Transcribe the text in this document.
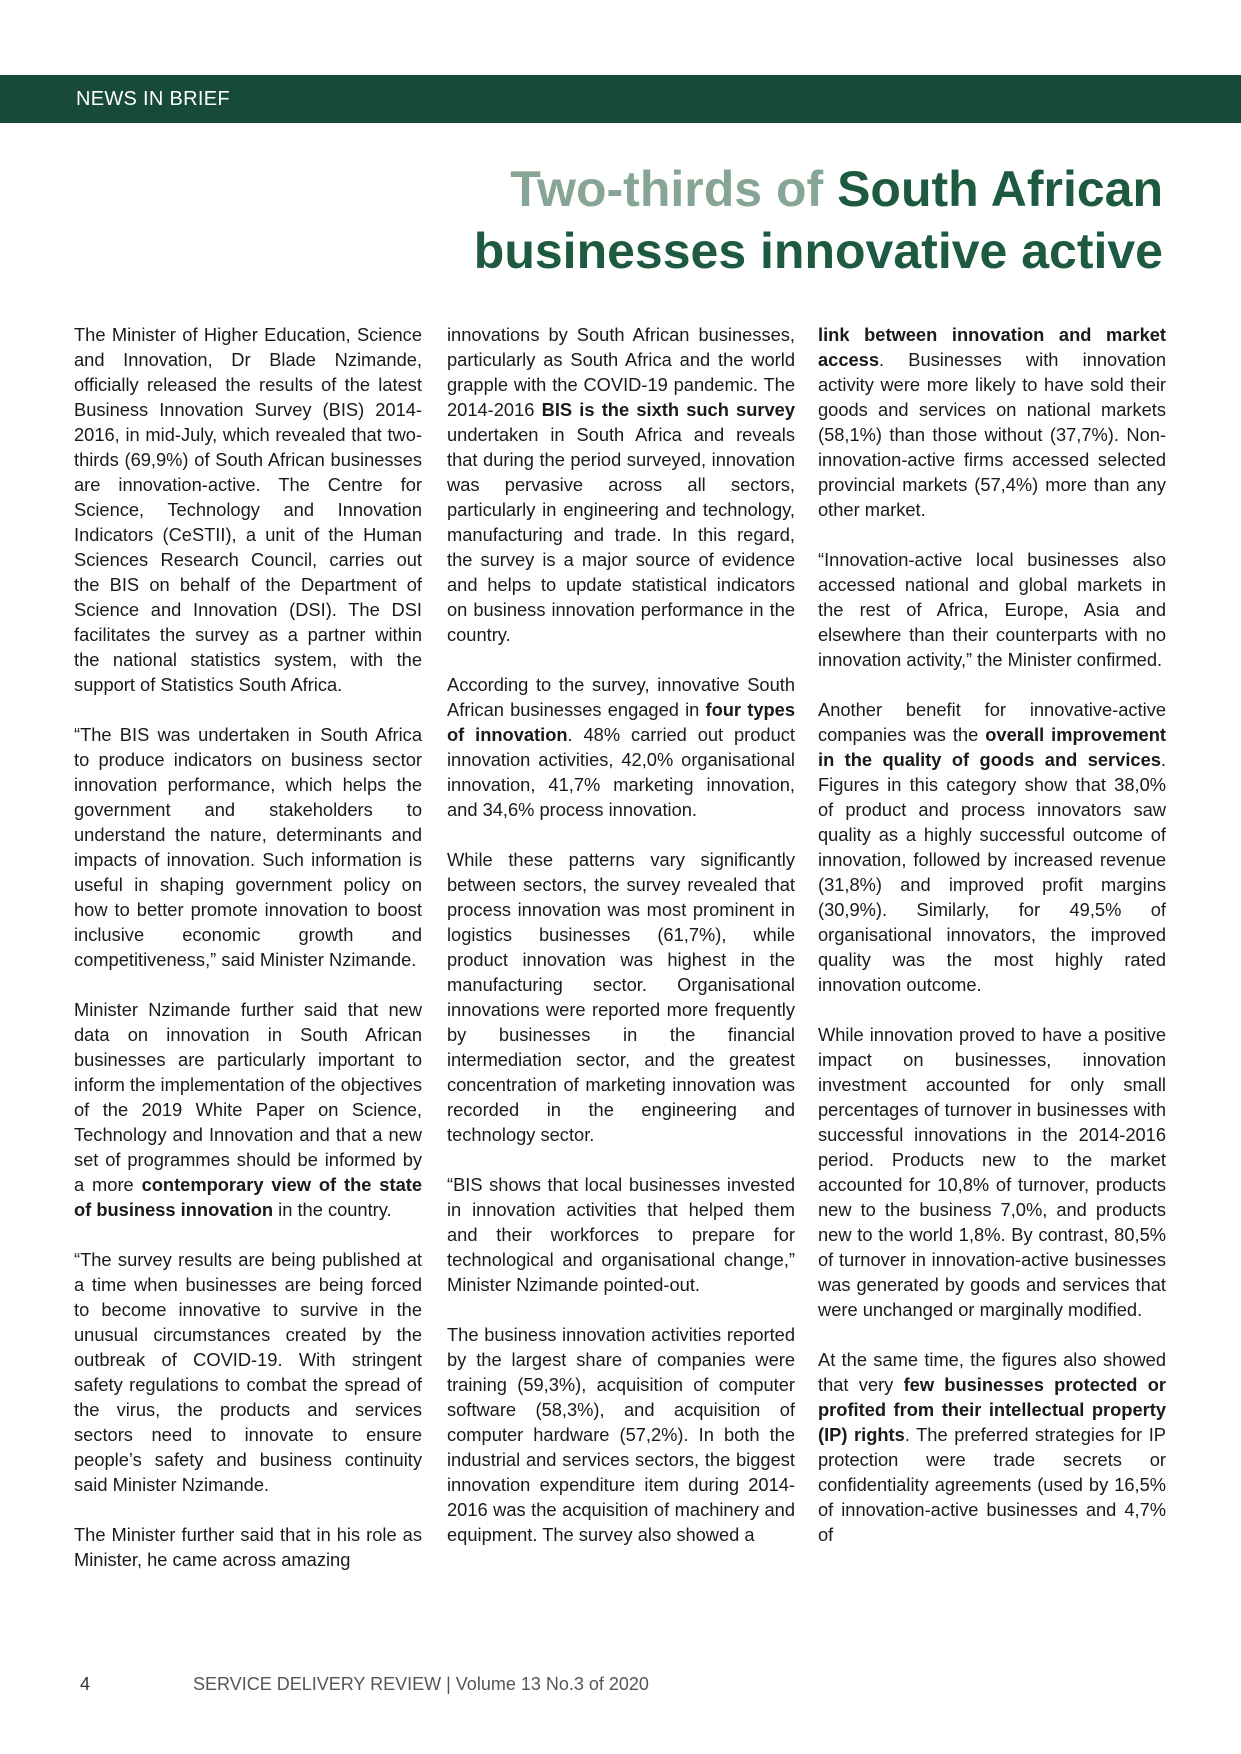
NEWS IN BRIEF
Two-thirds of South African
businesses innovative active

The Minister of Higher Education, Science and Innovation, Dr Blade Nzimande, officially released the results of the latest Business Innovation Survey (BIS) 2014-2016, in mid-July, which revealed that two-thirds (69,9%) of South African businesses are innovation-active. The Centre for Science, Technology and Innovation Indicators (CeSTII), a unit of the Human Sciences Research Council, carries out the BIS on behalf of the Department of Science and Innovation (DSI). The DSI facilitates the survey as a partner within the national statistics system, with the support of Statistics South Africa.

“The BIS was undertaken in South Africa to produce indicators on business sector innovation performance, which helps the government and stakeholders to understand the nature, determinants and impacts of innovation. Such information is useful in shaping government policy on how to better promote innovation to boost inclusive economic growth and competitiveness,” said Minister Nzimande.

Minister Nzimande further said that new data on innovation in South African businesses are particularly important to inform the implementation of the objectives of the 2019 White Paper on Science, Technology and Innovation and that a new set of programmes should be informed by a more contemporary view of the state of business innovation in the country.

“The survey results are being published at a time when businesses are being forced to become innovative to survive in the unusual circumstances created by the outbreak of COVID-19. With stringent safety regulations to combat the spread of the virus, the products and services sectors need to innovate to ensure people’s safety and business continuity said Minister Nzimande.

The Minister further said that in his role as Minister, he came across amazing

innovations by South African businesses, particularly as South Africa and the world grapple with the COVID-19 pandemic. The 2014-2016 BIS is the sixth such survey undertaken in South Africa and reveals that during the period surveyed, innovation was pervasive across all sectors, particularly in engineering and technology, manufacturing and trade. In this regard, the survey is a major source of evidence and helps to update statistical indicators on business innovation performance in the country.

According to the survey, innovative South African businesses engaged in four types of innovation. 48% carried out product innovation activities, 42,0% organisational innovation, 41,7% marketing innovation, and 34,6% process innovation.

While these patterns vary significantly between sectors, the survey revealed that process innovation was most prominent in logistics businesses (61,7%), while product innovation was highest in the manufacturing sector. Organisational innovations were reported more frequently by businesses in the financial intermediation sector, and the greatest concentration of marketing innovation was recorded in the engineering and technology sector.

“BIS shows that local businesses invested in innovation activities that helped them and their workforces to prepare for technological and organisational change,” Minister Nzimande pointed-out.

The business innovation activities reported by the largest share of companies were training (59,3%), acquisition of computer software (58,3%), and acquisition of computer hardware (57,2%). In both the industrial and services sectors, the biggest innovation expenditure item during 2014-2016 was the acquisition of machinery and equipment. The survey also showed a

link between innovation and market access. Businesses with innovation activity were more likely to have sold their goods and services on national markets (58,1%) than those without (37,7%). Non-innovation-active firms accessed selected provincial markets (57,4%) more than any other market.

“Innovation-active local businesses also accessed national and global markets in the rest of Africa, Europe, Asia and elsewhere than their counterparts with no innovation activity,” the Minister confirmed.

Another benefit for innovative-active companies was the overall improvement in the quality of goods and services. Figures in this category show that 38,0% of product and process innovators saw quality as a highly successful outcome of innovation, followed by increased revenue (31,8%) and improved profit margins (30,9%). Similarly, for 49,5% of organisational innovators, the improved quality was the most highly rated innovation outcome.

While innovation proved to have a positive impact on businesses, innovation investment accounted for only small percentages of turnover in businesses with successful innovations in the 2014-2016 period. Products new to the market accounted for 10,8% of turnover, products new to the business 7,0%, and products new to the world 1,8%. By contrast, 80,5% of turnover in innovation-active businesses was generated by goods and services that were unchanged or marginally modified.

At the same time, the figures also showed that very few businesses protected or profited from their intellectual property (IP) rights. The preferred strategies for IP protection were trade secrets or confidentiality agreements (used by 16,5% of innovation-active businesses and 4,7% of

4	SERVICE DELIVERY REVIEW | Volume 13 No.3 of 2020
